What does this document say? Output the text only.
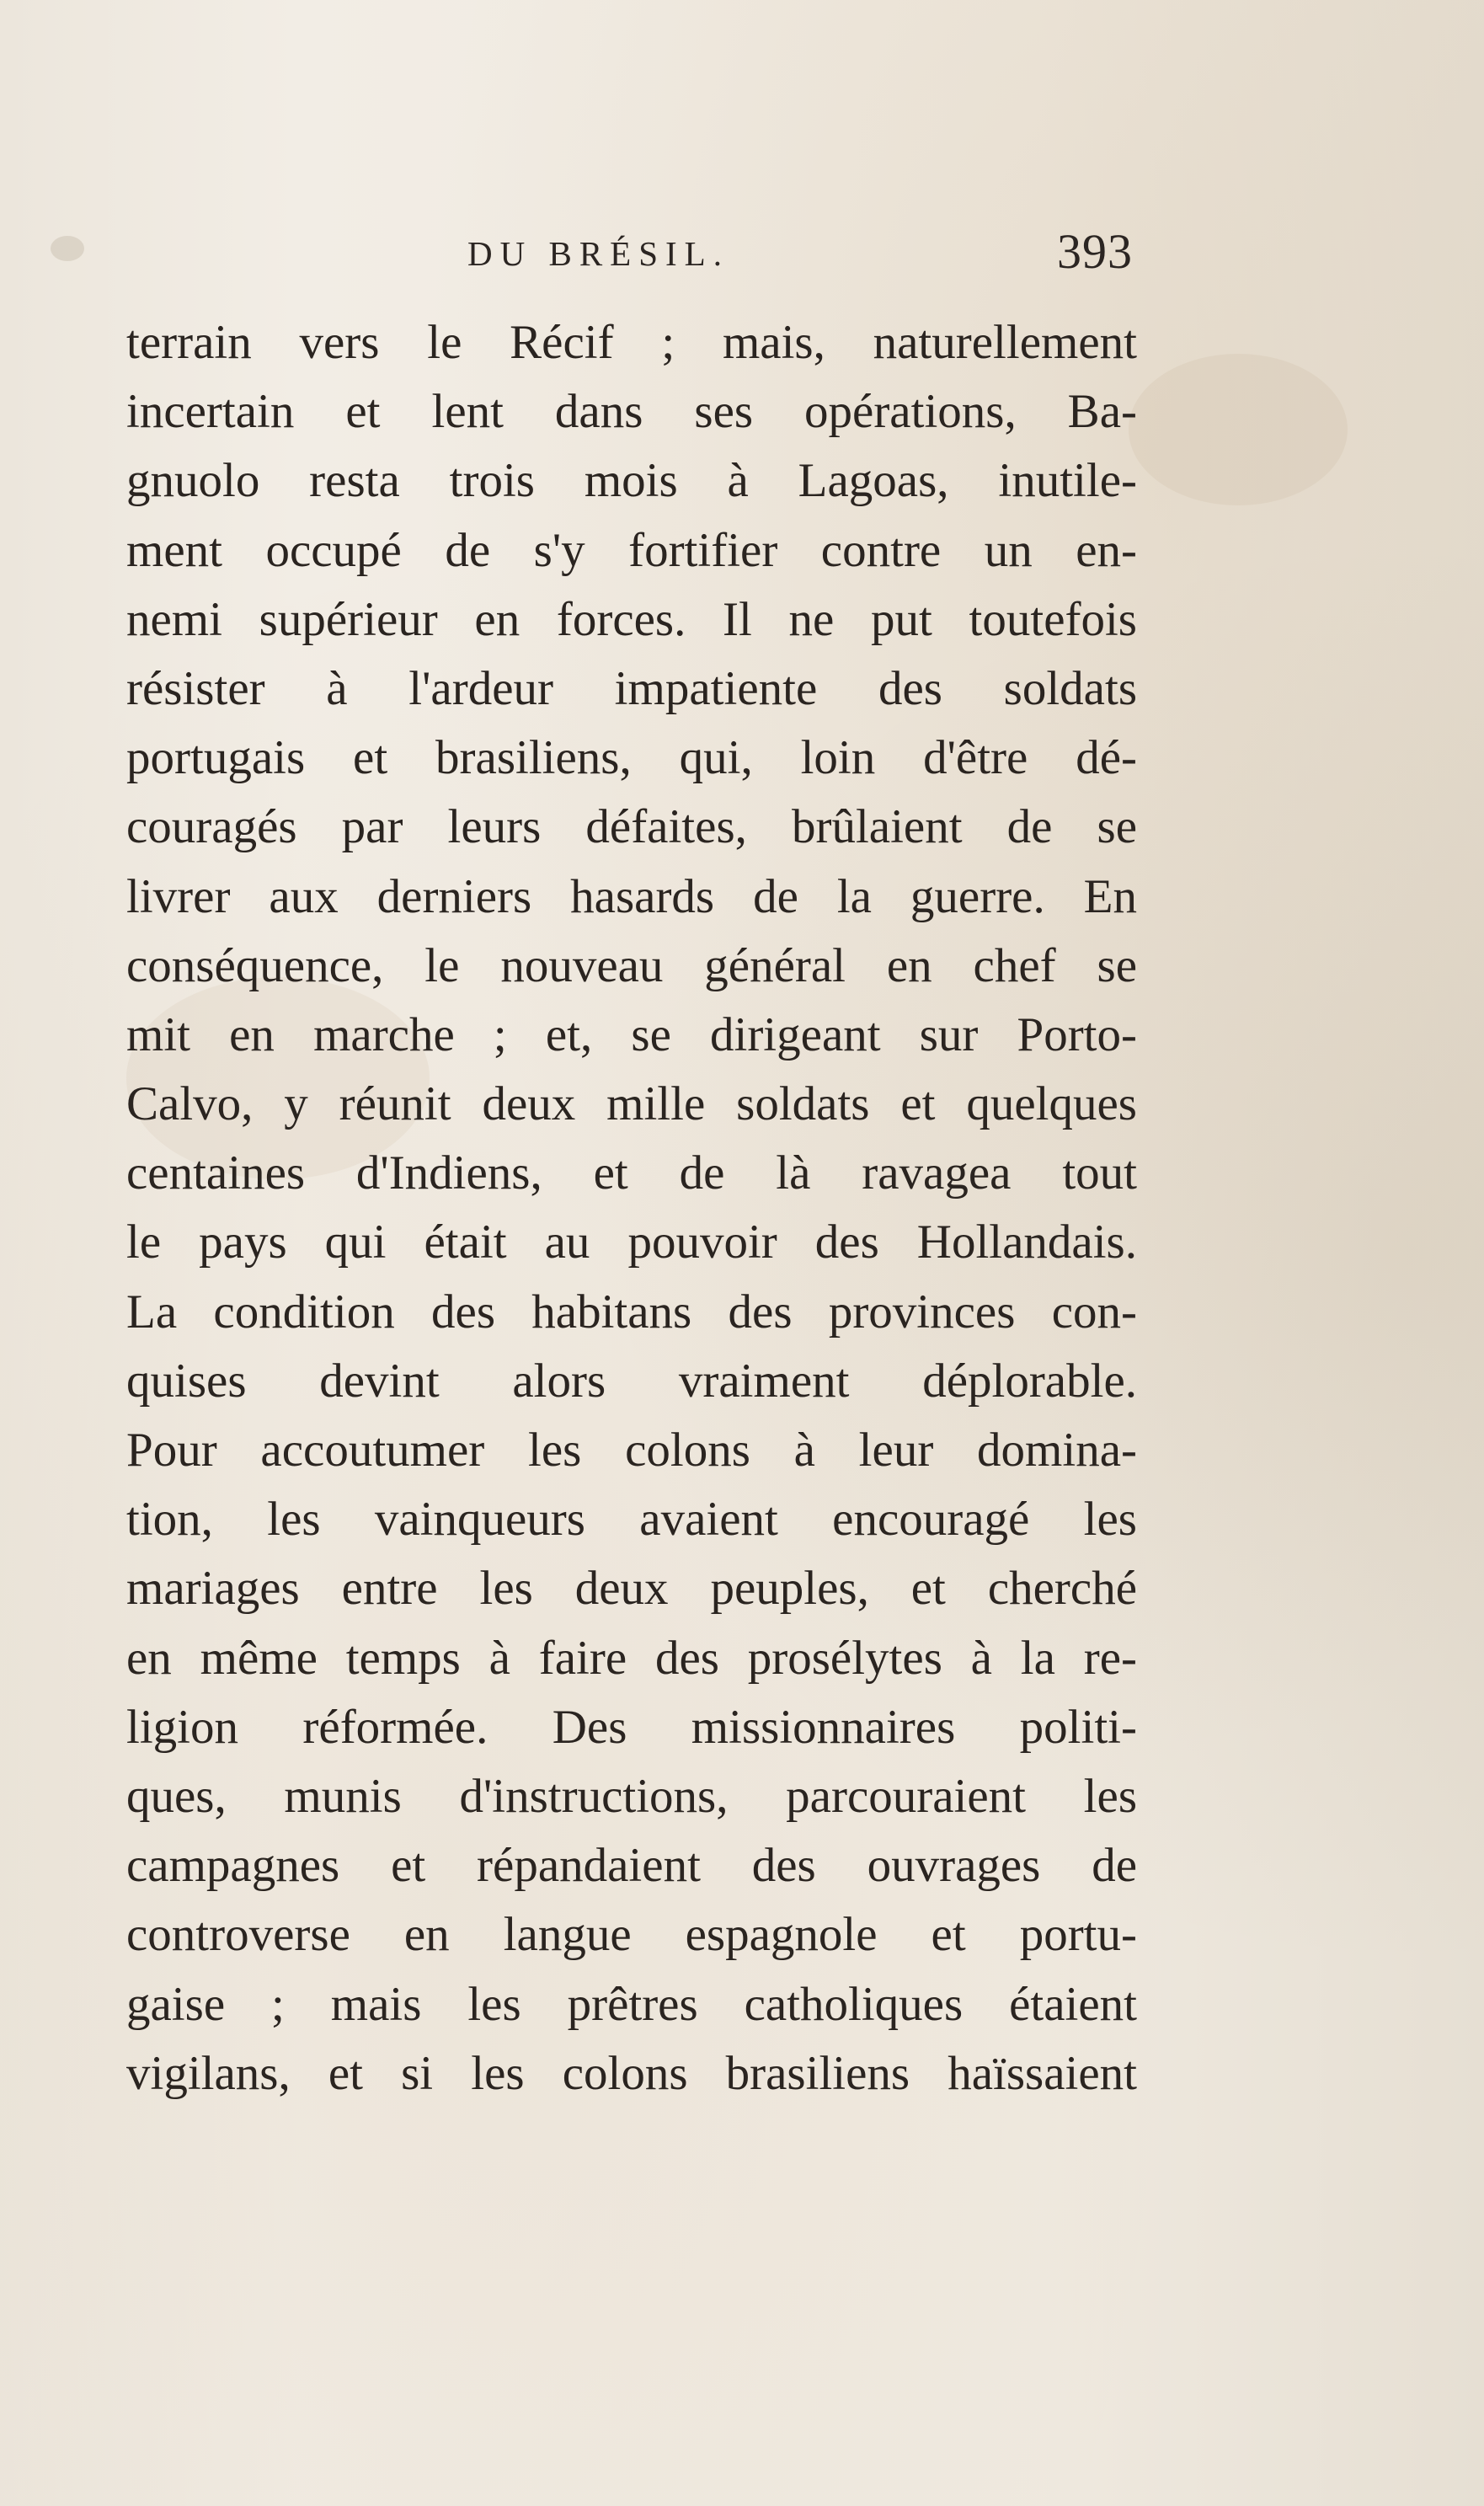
DU BRÉSIL.	393
terrain vers le Récif ; mais, naturellement
incertain et lent dans ses opérations, Ba-
gnuolo resta trois mois à Lagoas, inutile-
ment occupé de s'y fortifier contre un en-
nemi supérieur en forces. Il ne put toutefois
résister à l'ardeur impatiente des soldats
portugais et brasiliens, qui, loin d'être dé-
couragés par leurs défaites, brûlaient de se
livrer aux derniers hasards de la guerre. En
conséquence, le nouveau général en chef se
mit en marche ; et, se dirigeant sur Porto-
Calvo, y réunit deux mille soldats et quelques
centaines d'Indiens, et de là ravagea tout
le pays qui était au pouvoir des Hollandais.
La condition des habitans des provinces con-
quises devint alors vraiment déplorable.
Pour accoutumer les colons à leur domina-
tion, les vainqueurs avaient encouragé les
mariages entre les deux peuples, et cherché
en même temps à faire des prosélytes à la re-
ligion réformée. Des missionnaires politi-
ques, munis d'instructions, parcouraient les
campagnes et répandaient des ouvrages de
controverse en langue espagnole et portu-
gaise ; mais les prêtres catholiques étaient
vigilans, et si les colons brasiliens haïssaient
